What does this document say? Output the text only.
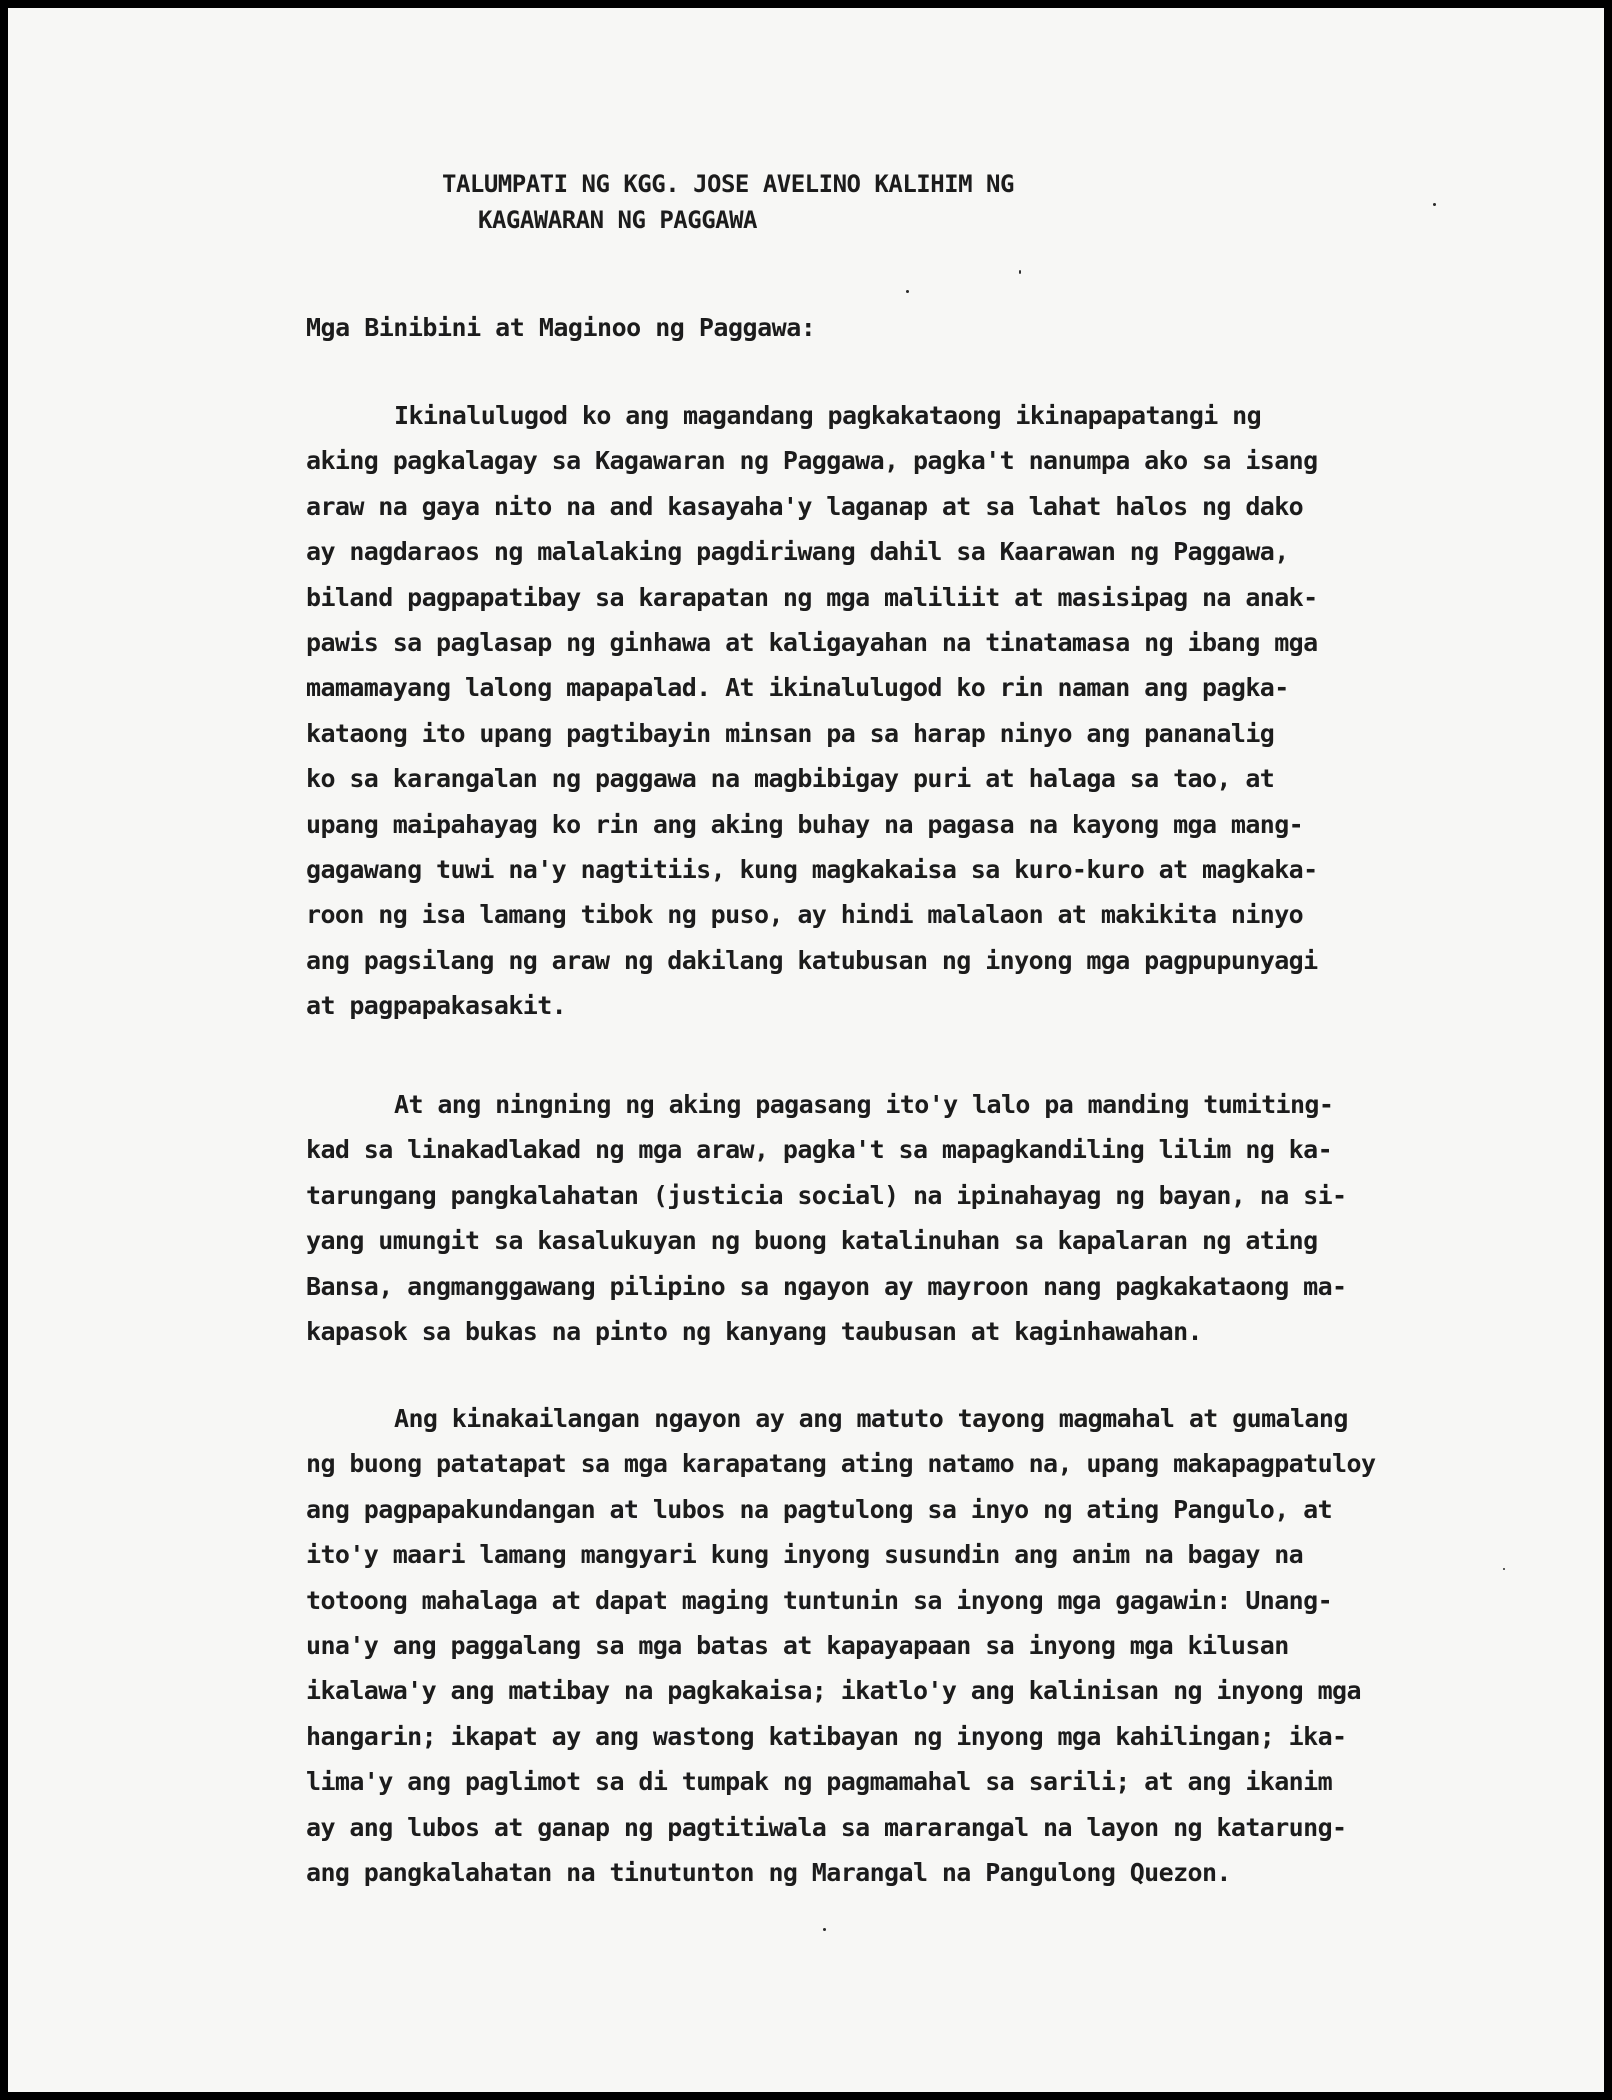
TALUMPATI NG KGG. JOSE AVELINO KALIHIM NG

KAGAWARAN NG PAGGAWA

Mga Binibini at Maginoo ng Paggawa:

Ikinalulugod ko ang magandang pagkakataong ikinapapatangi ng
aking pagkalagay sa Kagawaran ng Paggawa, pagka't nanumpa ako sa isang
araw na gaya nito na and kasayaha'y laganap at sa lahat halos ng dako
ay nagdaraos ng malalaking pagdiriwang dahil sa Kaarawan ng Paggawa,
biland pagpapatibay sa karapatan ng mga maliliit at masisipag na anak-
pawis sa paglasap ng ginhawa at kaligayahan na tinatamasa ng ibang mga
mamamayang lalong mapapalad. At ikinalulugod ko rin naman ang pagka-
kataong ito upang pagtibayin minsan pa sa harap ninyo ang pananalig
ko sa karangalan ng paggawa na magbibigay puri at halaga sa tao, at
upang maipahayag ko rin ang aking buhay na pagasa na kayong mga mang-
gagawang tuwi na'y nagtitiis, kung magkakaisa sa kuro-kuro at magkaka-
roon ng isa lamang tibok ng puso, ay hindi malalaon at makikita ninyo
ang pagsilang ng araw ng dakilang katubusan ng inyong mga pagpupunyagi
at pagpapakasakit.
At ang ningning ng aking pagasang ito'y lalo pa manding tumiting-
kad sa linakadlakad ng mga araw, pagka't sa mapagkandiling lilim ng ka-
tarungang pangkalahatan (justicia social) na ipinahayag ng bayan, na si-
yang umungit sa kasalukuyan ng buong katalinuhan sa kapalaran ng ating
Bansa, angmanggawang pilipino sa ngayon ay mayroon nang pagkakataong ma-
kapasok sa bukas na pinto ng kanyang taubusan at kaginhawahan.
Ang kinakailangan ngayon ay ang matuto tayong magmahal at gumalang
ng buong patatapat sa mga karapatang ating natamo na, upang makapagpatuloy
ang pagpapakundangan at lubos na pagtulong sa inyo ng ating Pangulo, at
ito'y maari lamang mangyari kung inyong susundin ang anim na bagay na
totoong mahalaga at dapat maging tuntunin sa inyong mga gagawin: Unang-
una'y ang paggalang sa mga batas at kapayapaan sa inyong mga kilusan
ikalawa'y ang matibay na pagkakaisa; ikatlo'y ang kalinisan ng inyong mga
hangarin; ikapat ay ang wastong katibayan ng inyong mga kahilingan; ika-
lima'y ang paglimot sa di tumpak ng pagmamahal sa sarili; at ang ikanim
ay ang lubos at ganap ng pagtitiwala sa mararangal na layon ng katarung-
ang pangkalahatan na tinutunton ng Marangal na Pangulong Quezon.
